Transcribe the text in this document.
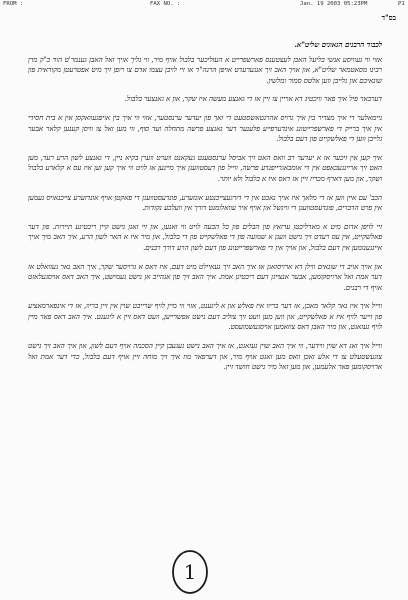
FROM :	FAX NO. :	Jan. 19 2003 05:23PM	P1
בס"ד

לכבוד הרבנים הגאונים שליט"א.

אזוי ווי געוויסע אנשי בליעל האבן לעצטענס פארשפרייט א העזליכער בלבול אויף מיר, ווי גליך אויך זאל האבן גענמר'ט הוד כ"ק מרן רבינו מסאטמאר שליט"א, און אויך האב זיך אנגערעדט אויפן הרנה"ד או זיי לויבן עצמו אדם צו רופן זיך מיט אפטרעטן מקוראית פון שונאיכם און גלייבן ווען אלטס סמור ומלשין.

דערבאר פיל איך פאר וויכטיג דא אריין צו זיין אז די גאנצע מעשה איז שקר, און א גאנצער בלבול.

ניימאלער די איך מצדיר בין איך גרויס אהרנטאשסטעט די זאך פון יעדער ערנסטער, אזוי ווי איך בין אויפגעוואקסן אין א בית חסידי אין איך ברייק די פארשפרייטונג אינדערפייע פלענער דער גאנצע פרשה מתחלה ועד סוף, ווי מען זאל צו וויסן קענען קלאר אבער גלייבן ווען די פאלשקייט פון דעם בלבול.

איך קען אין זיכער אז א יעדער רב וואס האט זיך אביסל ערנסטענט געקאנט ווערט ווערן בקיא ניין, די גאנצע לשון הרע רעד, מען האט זיך אריינגעכאפט אין די אומבאגרייפנדע פרשה, ווייל פון דעסטוועגן איך מיינען אז לויט ווי איך קען זען איז עס א קלארע בלבול ושקר, און מען דארף מכריז זיין אז דאס איז א בלבול ולא יותר.

הכב' עם איין ווען אז די מלאך איז אויך נאכט אין די דורגעצייכנטע אונזערע, פונדעסטוועגן די פאקטן אויף אונדזערע צייכנאויס נעמען אין פרט הדברים, פונדעסטוועגן די וויגשל און אויף איר עוואלומנט דורך אין וועלכע נקודות.

זיי לויפן אדום מיט א מאדליכטן ערזאץ פון הבלים פון כל הבעה לויט ווי זאנען, און זיי זאגן נישט קיין ריכטיגע תיירות. פון דער פאלשקייט, אין עס רעדט זיך נישט וועגן א שמועה פון די פאלשקייט פון די בלבול, און מיר איז א האר לשון הרע, איך האב מיך אויך איינגענומען אין דעם בלבול, און אויך אין די פארשפרייטונג פון דעם לשון הרע דורך רבנים.

און אויך אויב די שונאים ווילן דא ארויסזאגן אז איך האב זיך געאיילט מיט דעם, איז דאס א גרויסער שקר, איך האב נאר געוואלט אז דער אמת זאל ארויסקומען, אבער אנצייגן דעם ריכטיגן אמת. איך האב זיך פון אנהייב אן נישט געמישט, איך האב דאס אויסגעלאזט אויף די רבנים.

ווייל איך איז נאר קלאר מאכן, אז דער בריוו איז פאלש און א ליגענט, אזוי ווי מיין לויף שרייבט שוין אין זיין בריוו, אז די אינפארמאציע פון זייער לויף איז א פאלשקייט, און ווען מען וועט זיך צוליב דעם נישט אפשרייען, וועט דאס זיין א ליגענט. איך האב דאס פאר מיין לויף געזאגט, און מיר האבן דאס צוזאמען אויסגעשמועסט.

ווייל איך זאג דא שוין ווידער, ווי איך האב שוין געזאגט, אז איך האב נישט געגעבן קיין הסכמה אויף דעם לשון, און איך האב זיך נישט צוגעשטעלט צו די אלע זאכן וואס מען זאגט אויף מיר, און דערפאר מוז איך זיך מוחה זיין אויף דעם בלבול, כדי דער אמת זאל ארויסקומען פאר אלעמען, און מען זאל מיר נישט חושד זיין.

1
